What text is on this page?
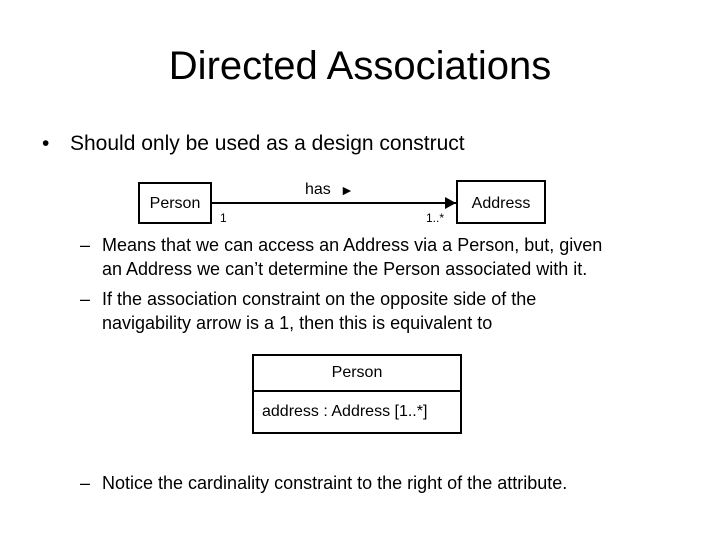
Directed Associations
• Should only be used as a design construct
Person	Address
has ►
1	1..*
– Means that we can access an Address via a Person, but, given
an Address we can’t determine the Person associated with it.
– If the association constraint on the opposite side of the
navigability arrow is a 1, then this is equivalent to
Person
address : Address [1..*]
– Notice the cardinality constraint to the right of the attribute.
